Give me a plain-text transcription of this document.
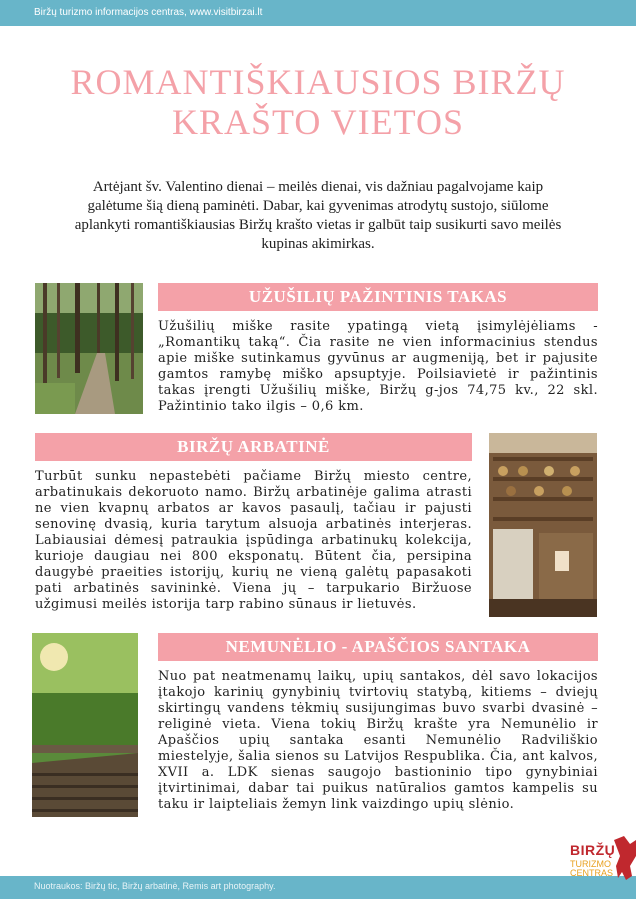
Biržų turizmo informacijos centras, www.visitbirzai.lt
ROMANTIŠKIAUSIOS BIRŽŲ
KRAŠTO VIETOS
Artėjant šv. Valentino dienai – meilės dienai, vis dažniau pagalvojame kaip galėtume šią dieną paminėti. Dabar, kai gyvenimas atrodytų sustojo, siūlome aplankyti romantiškiausias Biržų krašto vietas ir galbūt taip susikurti savo meilės kupinas akimirkas.
UŽUŠILIŲ PAŽINTINIS TAKAS
Užušilių miške rasite ypatingą vietą įsimylėjėliams - „Romantikų taką“. Čia rasite ne vien informacinius stendus apie miške sutinkamus gyvūnus ar augmeniją, bet ir pajusite gamtos ramybę miško apsuptyje. Poilsiavietė ir pažintinis takas įrengti Užušilių miške, Biržų g-jos 74,75 kv., 22 skl. Pažintinio tako ilgis – 0,6 km.
BIRŽŲ ARBATINĖ
Turbūt sunku nepastebėti pačiame Biržų miesto centre, arbatinukais dekoruoto namo. Biržų arbatinėje galima atrasti ne vien kvapnų arbatos ar kavos pasaulį, tačiau ir pajusti senovinę dvasią, kuria tarytum alsuoja arbatinės interjeras. Labiausiai dėmesį patraukia įspūdinga arbatinukų kolekcija, kurioje daugiau nei 800 eksponatų. Būtent čia, persipina daugybė praeities istorijų, kurių ne vieną galėtų papasakoti pati arbatinės savininkė. Viena jų – tarpukario Biržuose užgimusi meilės istorija tarp rabino sūnaus ir lietuvės.
NEMUNĖLIO - APAŠČIOS SANTAKA
Nuo pat neatmenamų laikų, upių santakos, dėl savo lokacijos įtakojo karinių gynybinių tvirtovių statybą, kitiems – dviejų skirtingų vandens tėkmių susijungimas buvo svarbi dvasinė – religinė vieta. Viena tokių Biržų krašte yra Nemunėlio ir Apaščios upių santaka esanti Nemunėlio Radviliškio miestelyje, šalia sienos su Latvijos Respublika. Čia, ant kalvos, XVII a. LDK sienas saugojo bastioninio tipo gynybiniai įtvirtinimai, dabar tai puikus natūralios gamtos kampelis su taku ir laipteliais žemyn link vaizdingo upių slėnio.
Nuotraukos: Biržų tic, Biržų arbatinė, Remis art photography.
BIRŽŲ
TURIZMO
CENTRAS
